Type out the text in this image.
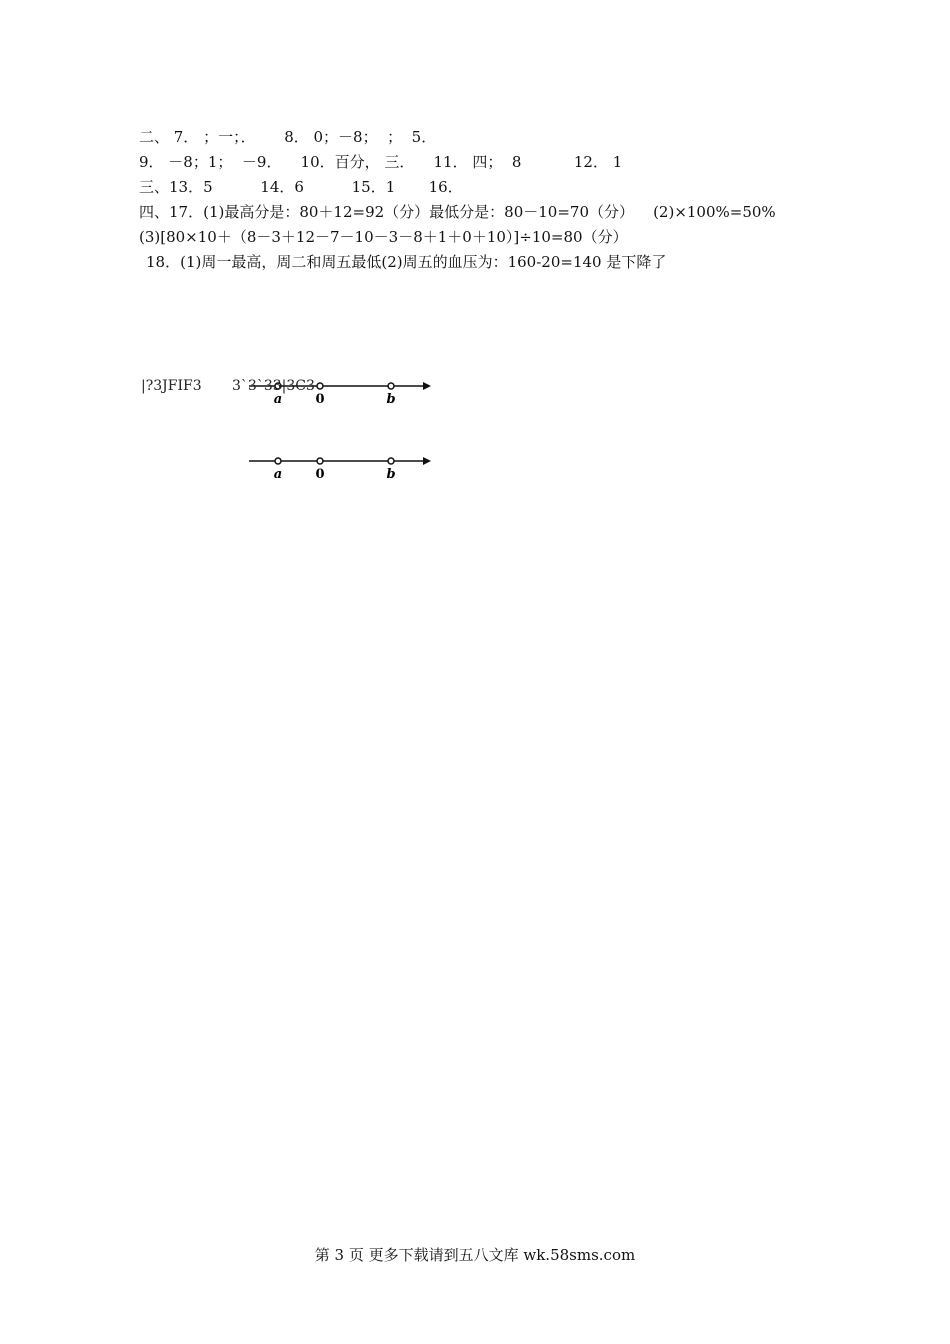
二、 7． ；一；．      8． 0；－8；  ；  5．
9． －8；1；  －9．    10．百分， 三．    11． 四；  8           12． 1
三、13．5          14．6          15．1       16．
四、17．(1)最高分是：80＋12=92（分）最低分是：80－10=70（分）    (2)×100%=50%
(3)[80×10＋（8－3＋12－7－10－3－8＋1＋0＋10）]÷10=80（分）
18．(1)周一最高，周二和周五最低(2)周五的血压为：160-20=140 是下降了
|?3JFIF3
a	0	b
3`3`33|3C3
a	0	b
第 3 页 更多下载请到五八文库 wk.58sms.com
